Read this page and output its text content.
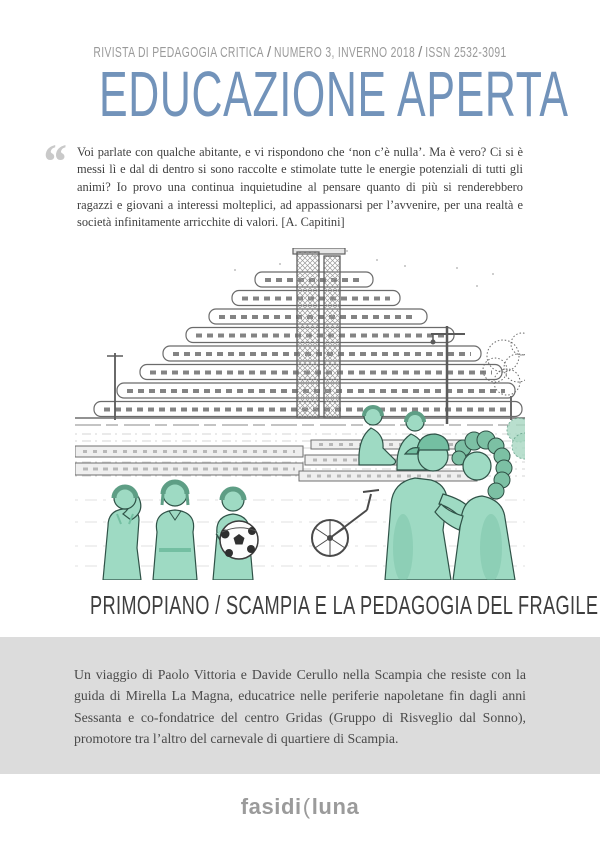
RIVISTA DI PEDAGOGIA CRITICA / NUMERO 3, INVERNO 2018 / ISSN 2532-3091
EDUCAZIONE APERTA
“ Voi parlate con qualche abitante, e vi rispondono che ‘non c’è nulla’. Ma è vero? Ci si è messi lì e dal di dentro si sono raccolte e stimolate tutte le energie potenziali di tutti gli animi? Io provo una continua inquietudine al pensare quanto di più si renderebbero ragazzi e giovani a interessi molteplici, ad appassionarsi per l’avvenire, per una realtà e società infinitamente arricchite di valori. [A. Capitini]

PRIMOPIANO / SCAMPIA E LA PEDAGOGIA DEL FRAGILE

Un viaggio di Paolo Vittoria e Davide Cerullo nella Scampia che resiste con la guida di Mirella La Magna, educatrice nelle periferie napoletane fin dagli anni Sessanta e co-fondatrice del centro Gridas (Gruppo di Risveglio dal Sonno), promotore tra l’altro del carnevale di quartiere di Scampia.

fasidi(luna
